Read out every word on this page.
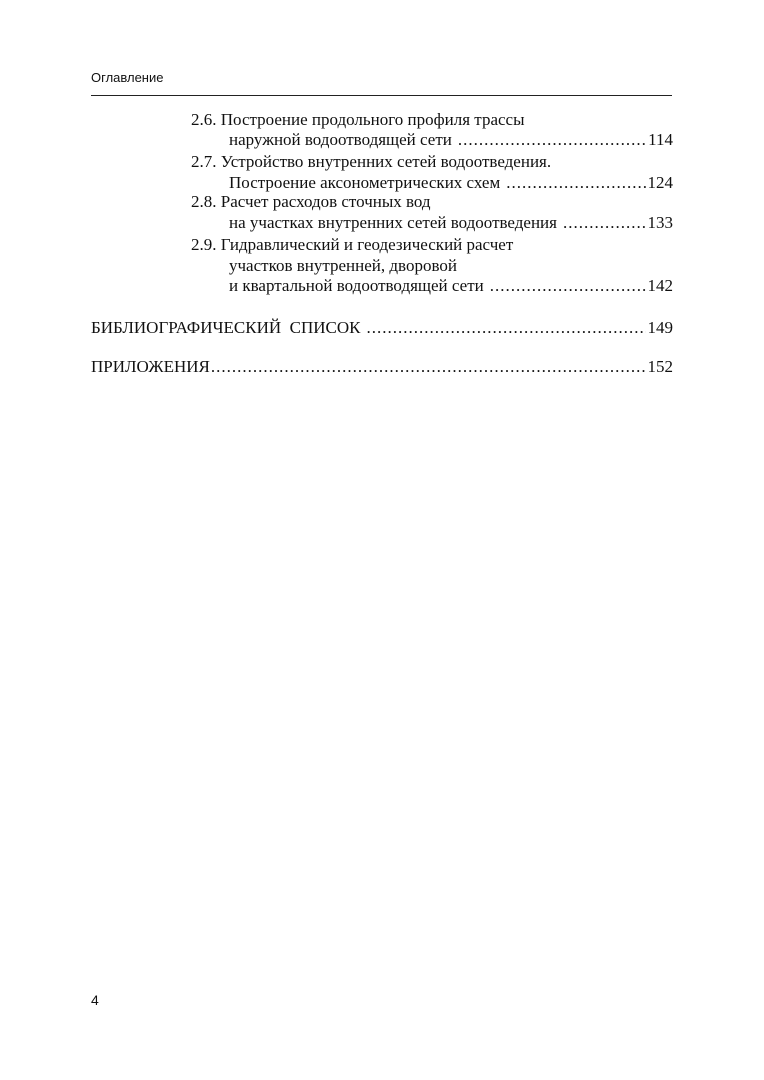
Оглавление
2.6. Построение продольного профиля трассы
наружной водоотводящей сети .....	114
2.7. Устройство внутренних сетей водоотведения.
Построение аксонометрических схем .....	124
2.8. Расчет расходов сточных вод
на участках внутренних сетей водоотведения .....	133
2.9. Гидравлический и геодезический расчет
участков внутренней, дворовой
и квартальной водоотводящей сети .....	142
БИБЛИОГРАФИЧЕСКИЙ  СПИСОК .....	149
ПРИЛОЖЕНИЯ .....	152
4
